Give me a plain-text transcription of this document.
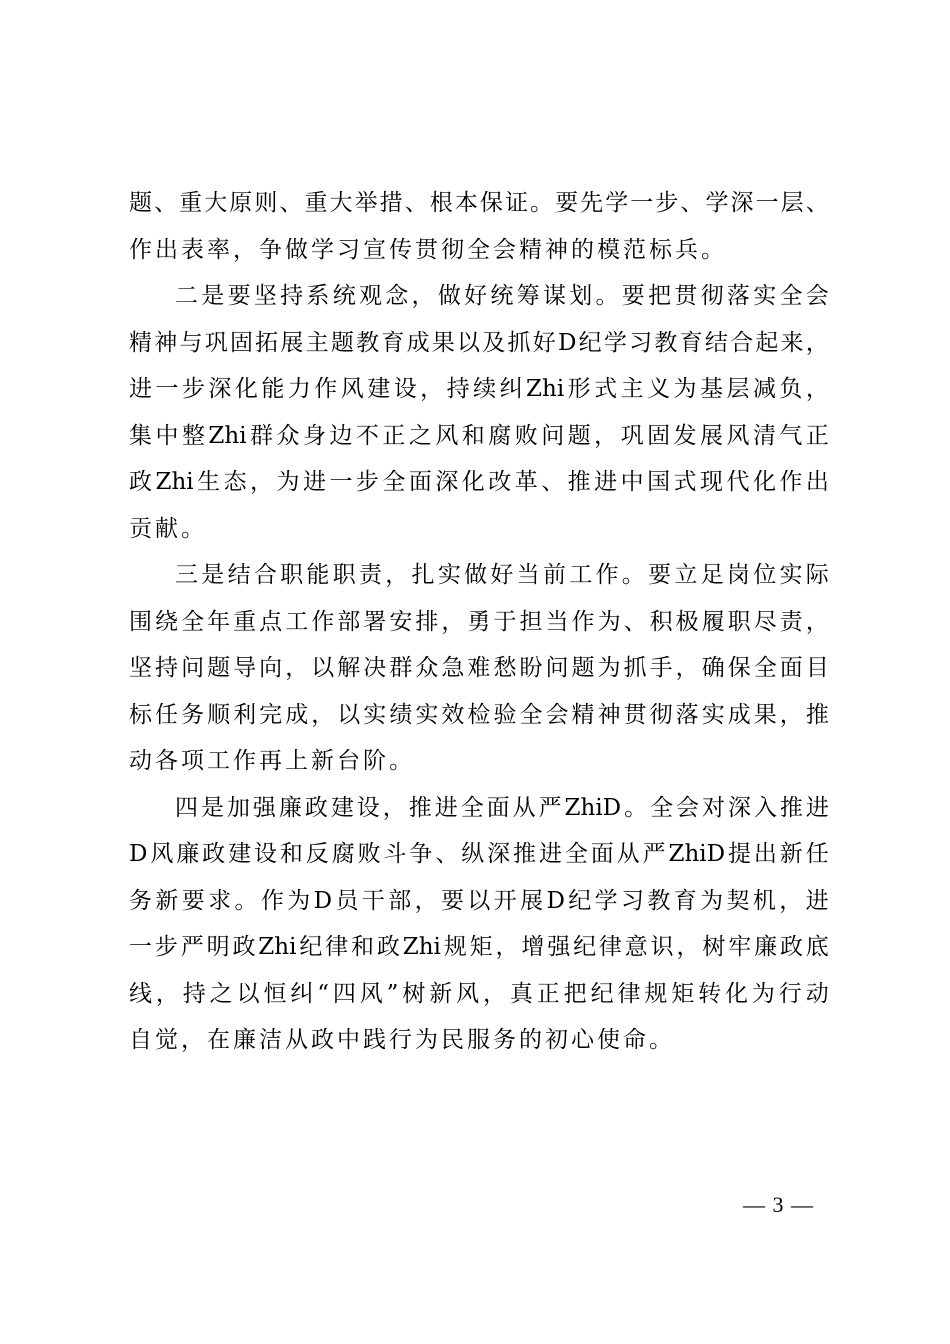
题 、 重 大 原 则 、 重 大 举 措 、 根 本 保 证 。 要 先 学 一 步 、 学 深 一 层 、
作出表率，争做学习宣传贯彻全会精神的模范标兵。
二 是 要 坚 持 系 统 观 念 ， 做 好 统 筹 谋 划 。 要 把 贯 彻 落 实 全 会
精 神 与 巩 固 拓 展 主 题 教 育 成 果 以 及 抓 好 D 纪 学 习 教 育 结 合 起 来 ，
进 一 步 深 化 能 力 作 风 建 设 ， 持 续 纠 Zhi 形 式 主 义 为 基 层 减 负 ，
集 中 整 Zhi 群 众 身 边 不 正 之 风 和 腐 败 问 题 ， 巩 固 发 展 风 清 气 正
政 Zhi 生 态 ， 为 进 一 步 全 面 深 化 改 革 、 推 进 中 国 式 现 代 化 作 出
贡献。
三 是 结 合 职 能 职 责 ， 扎 实 做 好 当 前 工 作 。 要 立 足 岗 位 实 际
围 绕 全 年 重 点 工 作 部 署 安 排 ， 勇 于 担 当 作 为 、 积 极 履 职 尽 责 ，
坚 持 问 题 导 向 ， 以 解 决 群 众 急 难 愁 盼 问 题 为 抓 手 ， 确 保 全 面 目
标 任 务 顺 利 完 成 ， 以 实 绩 实 效 检 验 全 会 精 神 贯 彻 落 实 成 果 ， 推
动各项工作再上新台阶。
四 是 加 强 廉 政 建 设 ， 推 进 全 面 从 严 ZhiD 。 全 会 对 深 入 推 进
D 风 廉 政 建 设 和 反 腐 败 斗 争 、 纵 深 推 进 全 面 从 严 ZhiD 提 出 新 任
务 新 要 求 。 作 为 D 员 干 部 ， 要 以 开 展 D 纪 学 习 教 育 为 契 机 ， 进
一 步 严 明 政 Zhi 纪 律 和 政 Zhi 规 矩 ， 增 强 纪 律 意 识 ， 树 牢 廉 政 底
线 ， 持 之 以 恒 纠 “ 四 风 ” 树 新 风 ， 真 正 把 纪 律 规 矩 转 化 为 行 动
自觉，在廉洁从政中践行为民服务的初心使命。
— 3 —
